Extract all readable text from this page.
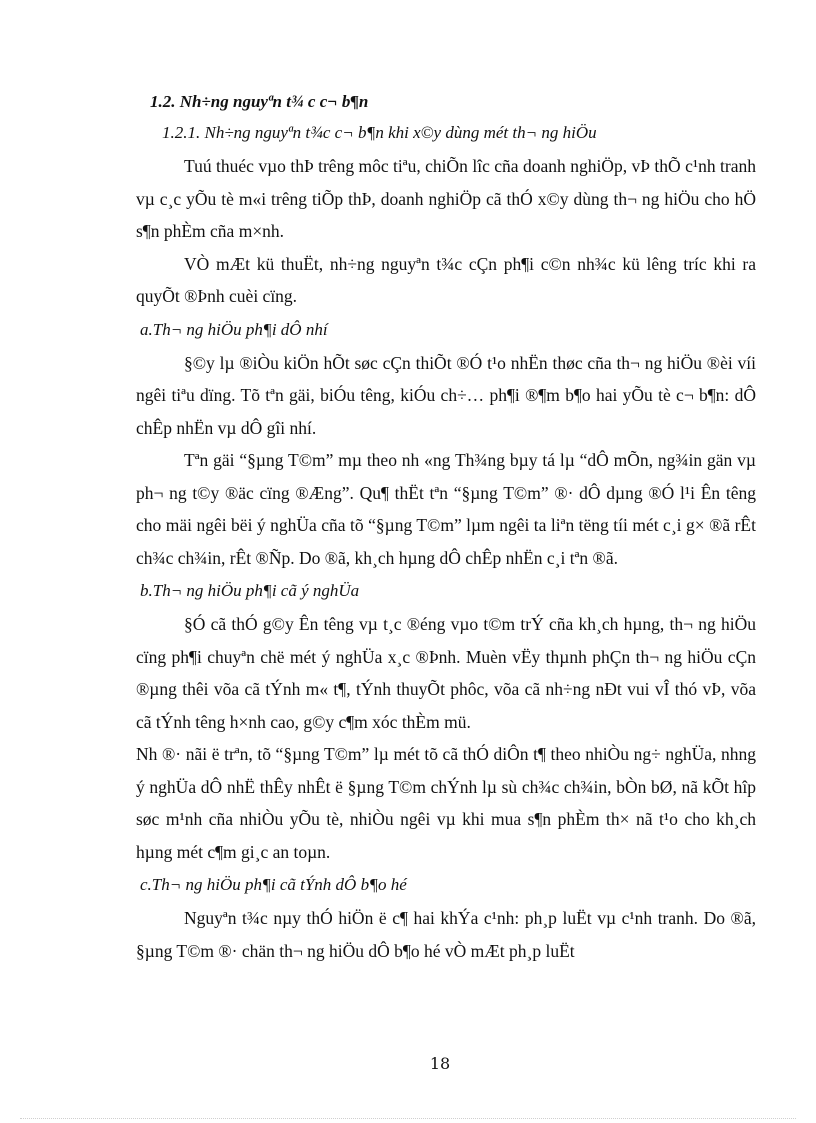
1.2. Nh÷ng nguyªn t¾ c c¬ b¶n
1.2.1. Nh÷ng nguyªn t¾c c¬ b¶n khi x©y dùng mét th¬ ng hiÖu

Tuú thuéc vµo thÞ trêng môc tiªu, chiÕn lîc cña doanh nghiÖp, vÞ thÕ c¹nh tranh vµ c¸c yÕu tè m«i trêng tiÕp thÞ, doanh nghiÖp cã thÓ x©y dùng th¬ ng hiÖu cho hÖ s¶n phÈm cña m×nh.

VÒ mÆt kü thuËt, nh÷ng nguyªn t¾c cÇn ph¶i c©n nh¾c kü lêng tríc khi ra quyÕt ®Þnh cuèi cïng.

a.Th¬ ng hiÖu ph¶i dÔ nhí

§©y lµ ®iÒu kiÖn hÕt søc cÇn thiÕt ®Ó t¹o nhËn thøc cña th¬ ng hiÖu ®èi víi ngêi tiªu dïng. Tõ tªn gäi, biÓu têng, kiÓu ch÷… ph¶i ®¶m b¶o hai yÕu tè c¬ b¶n: dÔ chÊp nhËn vµ dÔ gîi nhí.

Tªn gäi “§µng T©m” mµ theo nh «ng Th¾ng bµy tá lµ “dÔ mÕn, ng¾in gän vµ ph¬ ng t©y ®äc cïng ®Æng”. Qu¶ thËt tªn “§µng T©m” ®· dÔ dµng ®Ó l¹i Ên têng cho mäi ngêi bëi ý nghÜa cña tõ “§µng T©m” lµm ngêi ta liªn tëng tíi mét c¸i g× ®ã rÊt ch¾c ch¾in, rÊt ®Ñp. Do ®ã, kh¸ch hµng dÔ chÊp nhËn c¸i tªn ®ã.

b.Th¬ ng hiÖu ph¶i cã ý nghÜa

§Ó cã thÓ g©y Ên têng vµ t¸c ®éng vµo t©m trÝ cña kh¸ch hµng, th¬ ng hiÖu cïng ph¶i chuyªn chë mét ý nghÜa x¸c ®Þnh. Muèn vËy thµnh phÇn th¬ ng hiÖu cÇn ®µng thêi võa cã tÝnh m« t¶, tÝnh thuyÕt phôc, võa cã nh÷ng nÐt vui vÎ thó vÞ, võa cã tÝnh têng h×nh cao, g©y c¶m xóc thÈm mü.

Nh ®· nãi ë trªn, tõ “§µng T©m” lµ mét tõ cã thÓ diÔn t¶ theo nhiÒu ng÷ nghÜa, nhng ý nghÜa dÔ nhË thÊy nhÊt ë §µng T©m chÝnh lµ sù ch¾c ch¾in, bÒn bØ, nã kÕt hîp søc m¹nh cña nhiÒu yÕu tè, nhiÒu ngêi vµ khi mua s¶n phÈm th× nã t¹o cho kh¸ch hµng mét c¶m gi¸c an toµn.

c.Th¬ ng hiÖu ph¶i cã tÝnh dÔ b¶o hé

Nguyªn t¾c nµy thÓ hiÖn ë c¶ hai khÝa c¹nh: ph¸p luËt vµ c¹nh tranh. Do ®ã, §µng T©m ®· chän th¬ ng hiÖu dÔ b¶o hé vÒ mÆt ph¸p luËt

18
